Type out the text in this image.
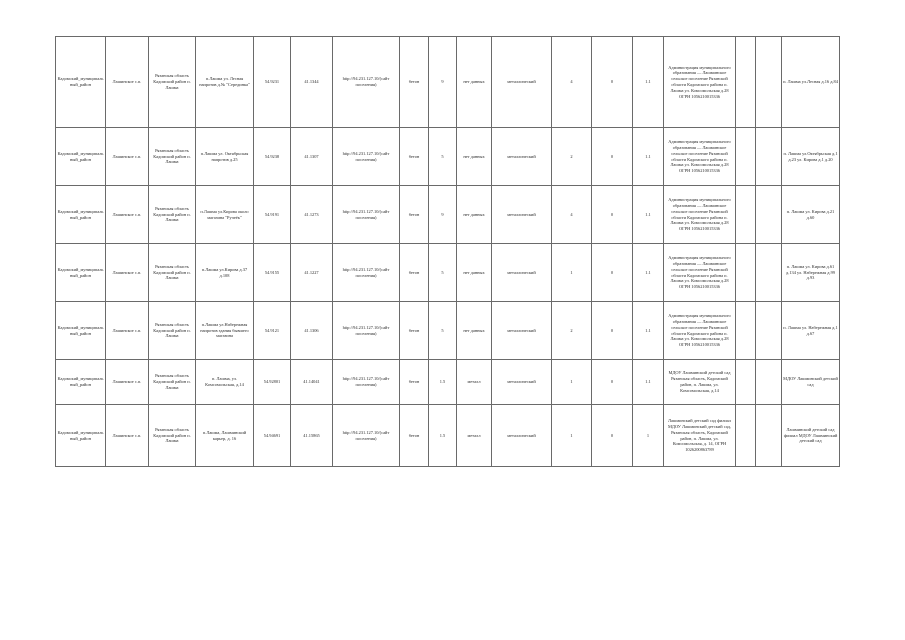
Кадомский_муниципальный_район	Лашинское с.п.	Рязанская область Кадомский район п. Лашма	п.Лашма ул. Лесная напротив д.№ "Серединка"	54.9231	41.1344	http://94.231.127.10/(сайт поселения)	бетон	9	нет данных	металлический	4	0	1.1	Администрация муниципального образования — Лашминское сельское поселение Рязанской области Кадомского района п. Лашма ул. Комсомольская д.28 ОГРН 1056210015336			п. Лашма ул.Лесная д.16 д.84

Кадомский_муниципальный_район	Лашинское с.п.	Рязанская область Кадомский район п. Лашма	п.Лашма ул. Октябрьская напротив д.25	54.9238	41.1307	http://94.231.127.10/(сайт поселения)	бетон	5	нет данных	металлический	2	0	1.1	Администрация муниципального образования — Лашминское сельское поселение Рязанской области Кадомского района п. Лашма ул. Комсомольская д.28 ОГРН 1056210015336			п. Лашма ул.Октябрьская д.1 д.23 ул. Кирова д.1 д.20

Кадомский_муниципальный_район	Лашинское с.п.	Рязанская область Кадомский район п. Лашма	п.Лашма ул.Кирова около магазина "Ручеёк"	54.9191	41.1273	http://94.231.127.10/(сайт поселения)	бетон	9	нет данных	металлический	4	0	1.1	Администрация муниципального образования — Лашминское сельское поселение Рязанской области Кадомского района п. Лашма ул. Комсомольская д.28 ОГРН 1056210015336			п. Лашма ул. Кирова д.21 д.60

Кадомский_муниципальный_район	Лашинское с.п.	Рязанская область Кадомский район п. Лашма	п.Лашма ул.Кирова д.37 д.108	54.9155	41.1227	http://94.231.127.10/(сайт поселения)	бетон	5	нет данных	металлический	1	0	1.1	Администрация муниципального образования — Лашминское сельское поселение Рязанской области Кадомского района п. Лашма ул. Комсомольская д.28 ОГРН 1056210015336			п. Лашма ул. Кирова д.61 д.134 ул. Набережная д.99 д.93

Кадомский_муниципальный_район	Лашинское с.п.	Рязанская область Кадомский район п. Лашма	п.Лашма ул.Набережная напротив здания бывшего магазина	54.9121	41.1306	http://94.231.127.10/(сайт поселения)	бетон	5	нет данных	металлический	2	0	1.1	Администрация муниципального образования — Лашминское сельское поселение Рязанской области Кадомского района п. Лашма ул. Комсомольская д.28 ОГРН 1056210015336			п. Лашма ул. Набережная д.1 д.67

Кадомский_муниципальный_район	Лашинское с.п.	Рязанская область Кадомский район п. Лашма	п. Лашма, ул. Комсомольская, д.14	54.92801	41.14041	http://94.231.127.10/(сайт поселения)	бетон	1.5	металл	металлический	1	0	1.1	МДОУ Лашминский детский сад Рязанская область, Кадомский район, п. Лашма, ул. Комсомольская, д.14			МДОУ Лашминский детский сад

Кадомский_муниципальный_район	Лашинское с.п.	Рязанская область Кадомский район п. Лашма	п.Лашма, Лашминский карьер, д. 16	54.94691	41.15865	http://94.231.127.10/(сайт поселения)	бетон	1.5	металл	металлический	1	0	1	Лашминский детский сад филиал МДОУ Лашминский детский сад, Рязанская область, Кадомский район, п. Лашма, ул. Комсомольская, д. 14, ОГРН 1026200863789			Лашминский детский сад филиал МДОУ Лашминский детский сад
